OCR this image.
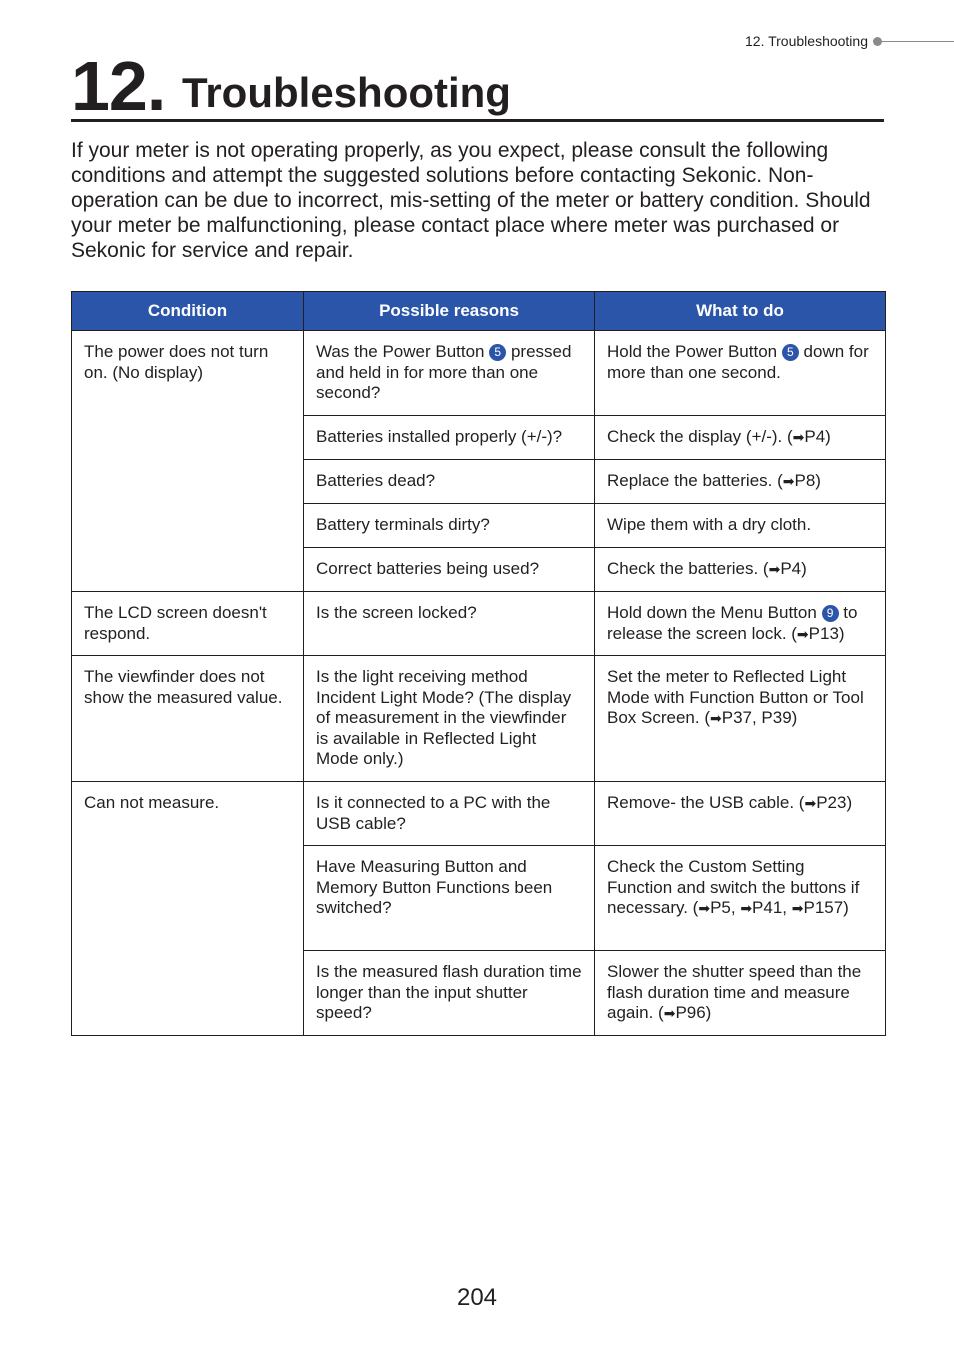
12. Troubleshooting
12. Troubleshooting

If your meter is not operating properly, as you expect, please consult the following conditions and attempt the suggested solutions before contacting Sekonic. Non-operation can be due to incorrect, mis-setting of the meter or battery condition. Should your meter be malfunctioning, please contact place where meter was purchased or Sekonic for service and repair.

Condition	Possible reasons	What to do
The power does not turn on. (No display)	Was the Power Button 5 pressed and held in for more than one second?	Hold the Power Button 5 down for more than one second.
	Batteries installed properly (+/-)?	Check the display (+/-). (➡P4)
	Batteries dead?	Replace the batteries. (➡P8)
	Battery terminals dirty?	Wipe them with a dry cloth.
	Correct batteries being used?	Check the batteries. (➡P4)
The LCD screen doesn't respond.	Is the screen locked?	Hold down the Menu Button 9 to release the screen lock. (➡P13)
The viewfinder does not show the measured value.	Is the light receiving method Incident Light Mode? (The display of measurement in the viewfinder is available in Reflected Light Mode only.)	Set the meter to Reflected Light Mode with Function Button or Tool Box Screen. (➡P37, P39)
Can not measure.	Is it connected to a PC with the USB cable?	Remove- the USB cable. (➡P23)
	Have Measuring Button and Memory Button Functions been switched?	Check the Custom Setting Function and switch the buttons if necessary. (➡P5, ➡P41, ➡P157)
	Is the measured flash duration time longer than the input shutter speed?	Slower the shutter speed than the flash duration time and measure again. (➡P96)
204
